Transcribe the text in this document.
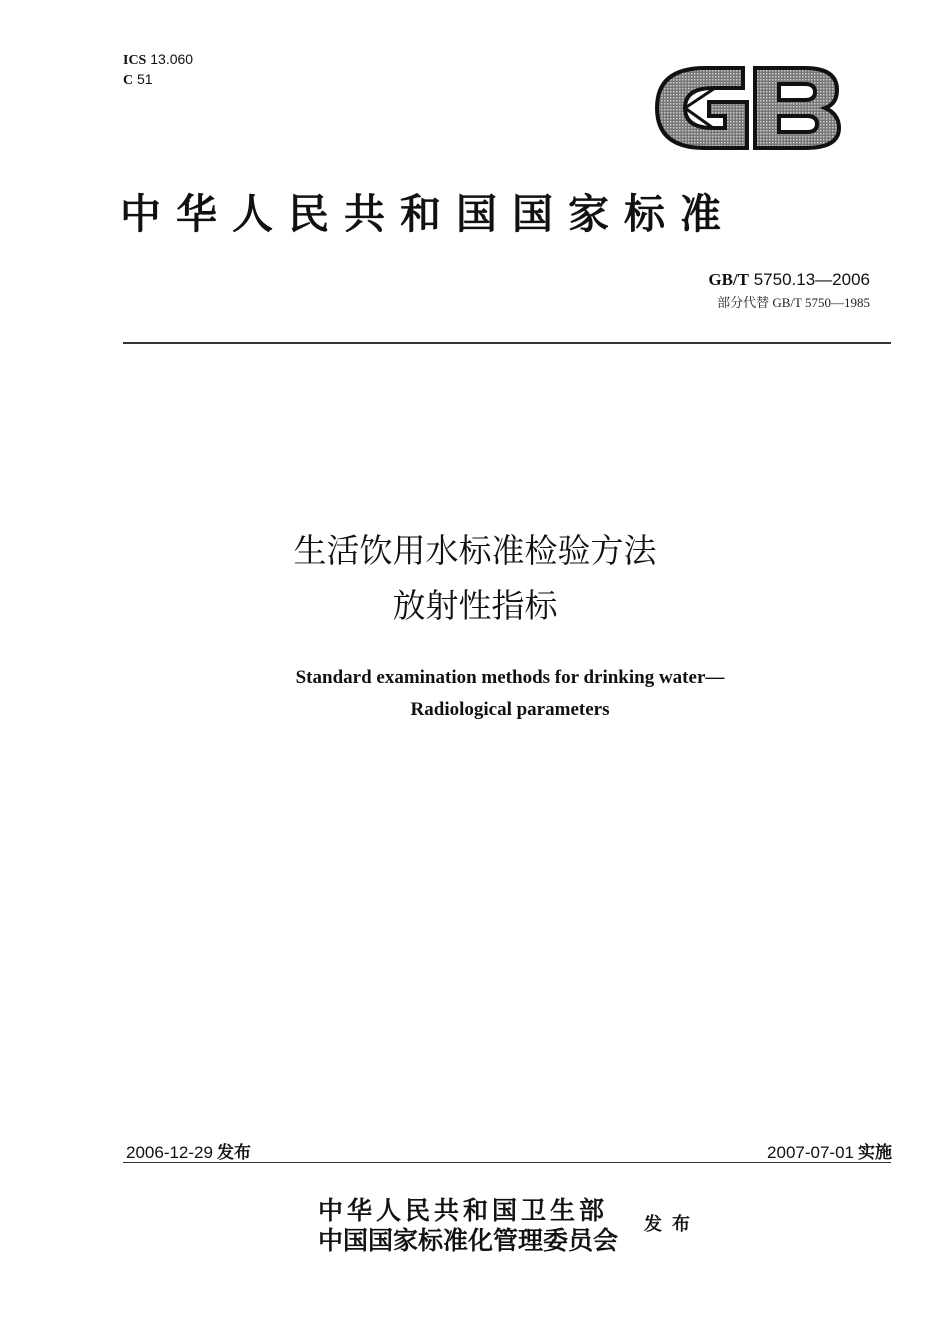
ICS 13.060
C 51
中华人民共和国国家标准
GB/T 5750.13—2006
部分代替 GB/T 5750—1985
生活饮用水标准检验方法
放射性指标
Standard examination methods for drinking water—
Radiological parameters
2006-12-29 发布	2007-07-01 实施
中华人民共和国卫生部
中国国家标准化管理委员会
发布
